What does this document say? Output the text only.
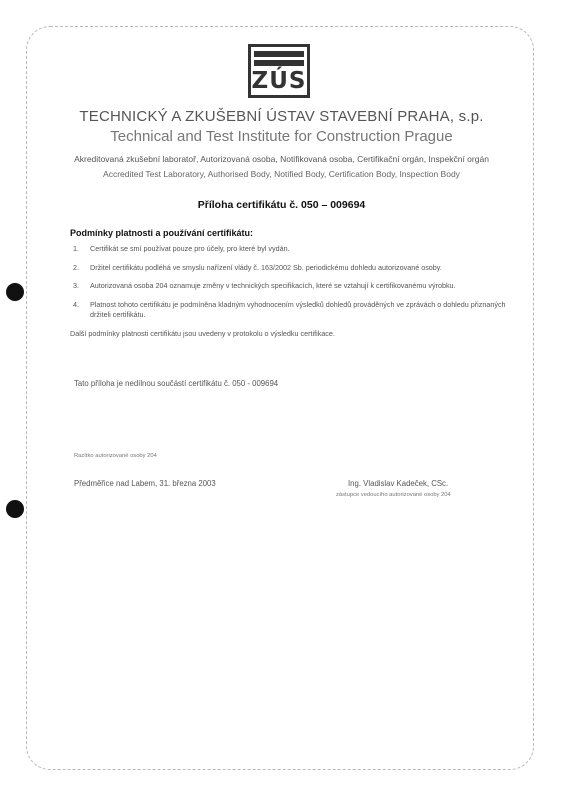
ZÚS
TECHNICKÝ A ZKUŠEBNÍ ÚSTAV STAVEBNÍ PRAHA, s.p.
Technical and Test Institute for Construction Prague
Akreditovaná zkušební laboratoř, Autorizovaná osoba, Notifikovaná osoba, Certifikační orgán, Inspekční orgán
Accredited Test Laboratory, Authorised Body, Notified Body, Certification Body, Inspection Body
Příloha certifikátu č. 050 – 009694
Podmínky platnosti a používání certifikátu:
1. Certifikát se smí používat pouze pro účely, pro které byl vydán.
2. Držitel certifikátu podléhá ve smyslu nařízení vlády č. 163/2002 Sb. periodickému dohledu autorizované osoby.
3. Autorizovaná osoba 204 oznamuje změny v technických specifikacích, které se vztahují k certifikovanému výrobku.
4. Platnost tohoto certifikátu je podmíněna kladným vyhodnocením výsledků dohledů prováděných ve zprávách o dohledu přiznaných držiteli certifikátu.
Další podmínky platnosti certifikátu jsou uvedeny v protokolu o výsledku certifikace.
Tato příloha je nedílnou součástí certifikátu č. 050 - 009694
Razítko autorizované osoby 204
Předměřice nad Labem, 31. března 2003	Ing. Vladislav Kadeček, CSc.
zástupce vedoucího autorizované osoby 204
